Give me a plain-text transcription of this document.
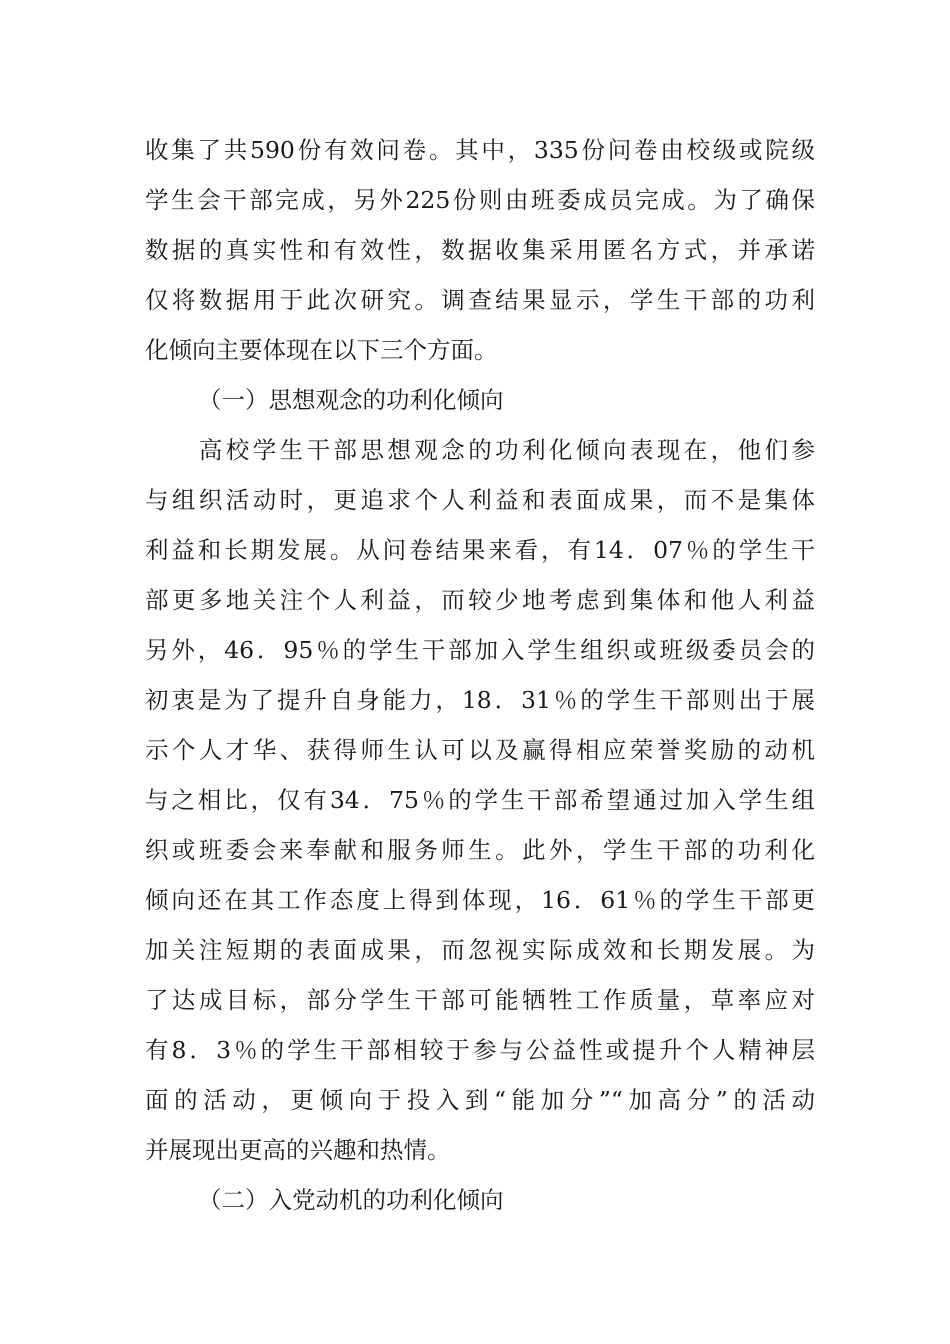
收集了共590份有效问卷。其中，335份问卷由校级或院级
学生会干部完成，另外225份则由班委成员完成。为了确保
数据的真实性和有效性，数据收集采用匿名方式，并承诺
仅将数据用于此次研究。调查结果显示，学生干部的功利
化倾向主要体现在以下三个方面。
（一）思想观念的功利化倾向
　　高校学生干部思想观念的功利化倾向表现在，他们参
与组织活动时，更追求个人利益和表面成果，而不是集体
利益和长期发展。从问卷结果来看，有14．07％的学生干
部更多地关注个人利益，而较少地考虑到集体和他人利益
另外，46．95％的学生干部加入学生组织或班级委员会的
初衷是为了提升自身能力，18．31％的学生干部则出于展
示个人才华、获得师生认可以及赢得相应荣誉奖励的动机
与之相比，仅有34．75％的学生干部希望通过加入学生组
织或班委会来奉献和服务师生。此外，学生干部的功利化
倾向还在其工作态度上得到体现，16．61％的学生干部更
加关注短期的表面成果，而忽视实际成效和长期发展。为
了达成目标，部分学生干部可能牺牲工作质量，草率应对
有8．3％的学生干部相较于参与公益性或提升个人精神层
面的活动，更倾向于投入到“能加分”“加高分”的活动
并展现出更高的兴趣和热情。
（二）入党动机的功利化倾向
